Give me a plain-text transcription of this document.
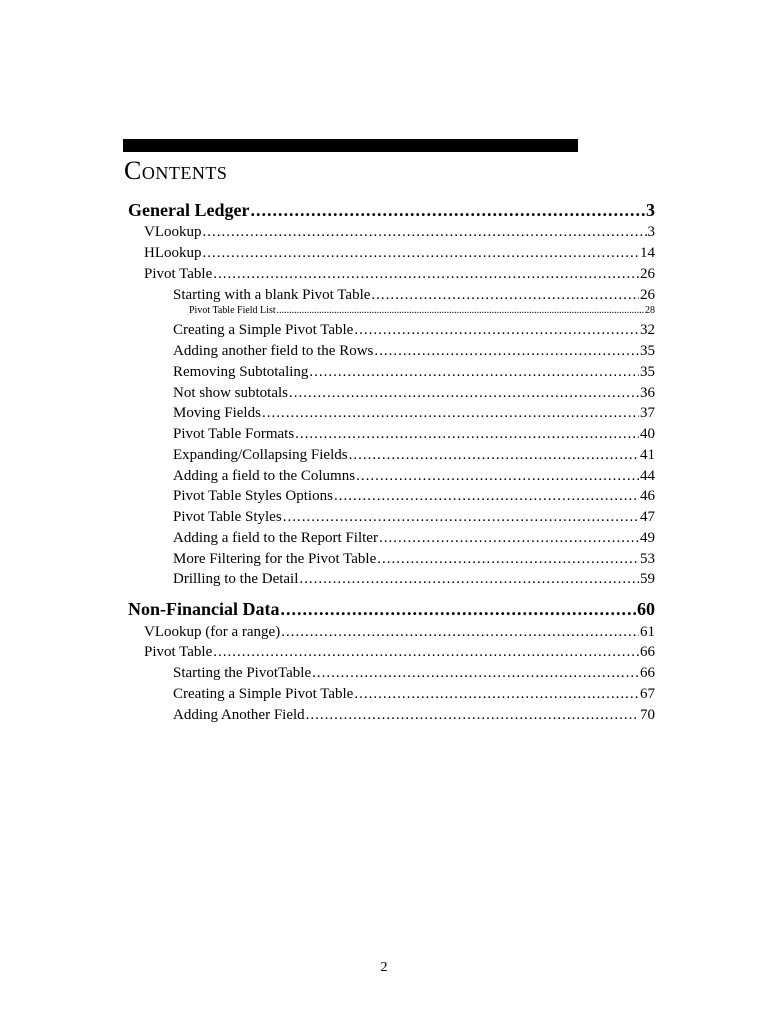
Contents
General Ledger .....	3
VLookup .....	3
HLookup .....	14
Pivot Table .....	26
Starting with a blank Pivot Table .....	26
Pivot Table Field List .....	28
Creating a Simple Pivot Table .....	32
Adding another field to the Rows .....	35
Removing Subtotaling .....	35
Not show subtotals .....	36
Moving Fields .....	37
Pivot Table Formats .....	40
Expanding/Collapsing Fields .....	41
Adding a field to the Columns .....	44
Pivot Table Styles Options .....	46
Pivot Table Styles .....	47
Adding a field to the Report Filter .....	49
More Filtering for the Pivot Table .....	53
Drilling to the Detail .....	59
Non-Financial Data .....	60
VLookup (for a range) .....	61
Pivot Table .....	66
Starting the PivotTable .....	66
Creating a Simple Pivot Table .....	67
Adding Another Field .....	70
2
